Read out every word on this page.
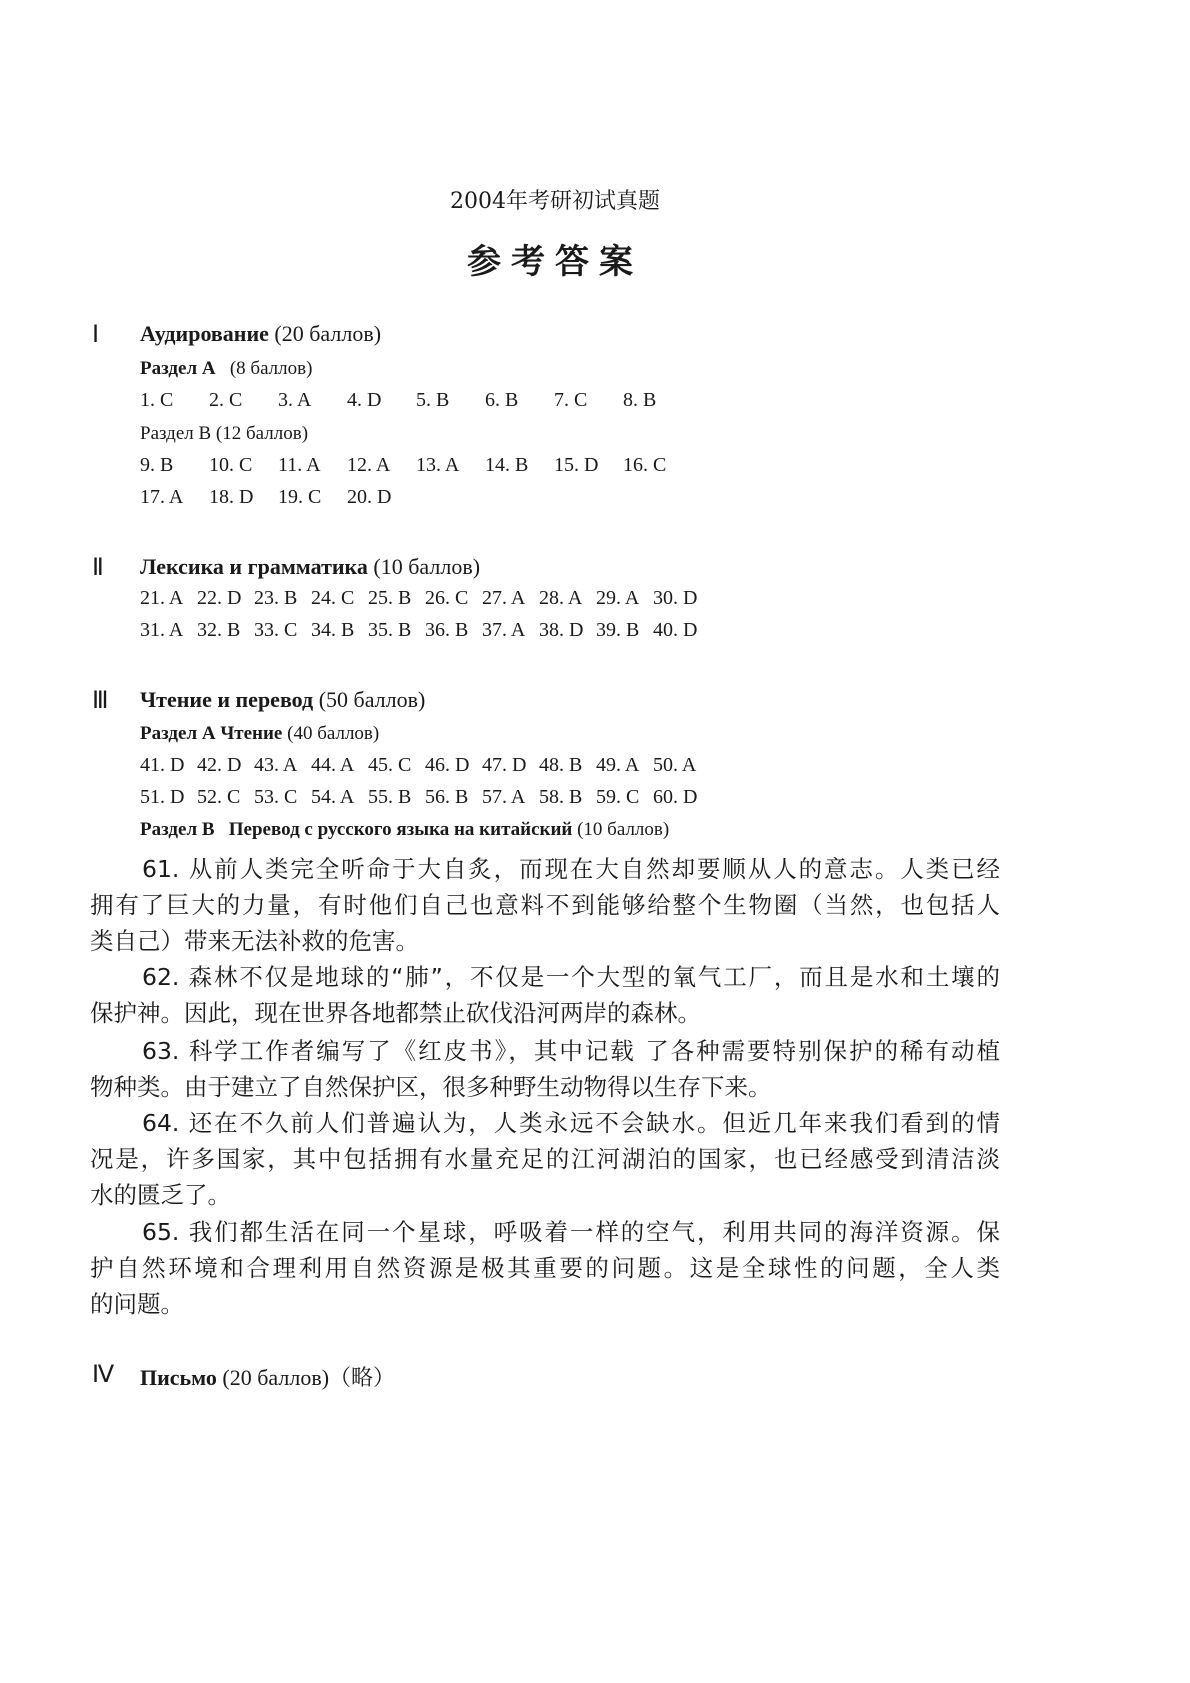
2004年考研初试真题
参考答案
Ⅰ Аудирование (20 баллов)
Раздел А (8 баллов)
1. C 2. C 3. A 4. D 5. B 6. B 7. C 8. B
Раздел В (12 баллов)
9. B 10. C 11. A 12. A 13. A 14. B 15. D 16. C
17. A 18. D 19. C 20. D
Ⅱ Лексика и грамматика (10 баллов)
21. A 22. D 23. B 24. C 25. B 26. C 27. A 28. A 29. A 30. D
31. A 32. B 33. C 34. B 35. B 36. B 37. A 38. D 39. B 40. D
Ⅲ Чтение и перевод (50 баллов)
Раздел А Чтение (40 баллов)
41. D 42. D 43. A 44. A 45. C 46. D 47. D 48. B 49. A 50. A
51. D 52. C 53. C 54. A 55. B 56. B 57. A 58. B 59. C 60. D
Раздел В   Перевод с русского языка на китайский (10 баллов)
61. 从前人类完全听命于大自炙，而现在大自然却要顺从人的意志。人类已经
拥有了巨大的力量，有时他们自己也意料不到能够给整个生物圈（当然，也包括人
类自己）带来无法补救的危害。
62. 森林不仅是地球的“肺”，不仅是一个大型的氧气工厂，而且是水和土壤的
保护神。因此，现在世界各地都禁止砍伐沿河两岸的森林。
63. 科学工作者编写了《红皮书》，其中记载 了各种需要特别保护的稀有动植
物种类。由于建立了自然保护区，很多种野生动物得以生存下来。
64. 还在不久前人们普遍认为，人类永远不会缺水。但近几年来我们看到的情
况是，许多国家，其中包括拥有水量充足的江河湖泊的国家，也已经感受到清洁淡
水的匮乏了。
65. 我们都生活在同一个星球，呼吸着一样的空气，利用共同的海洋资源。保
护自然环境和合理利用自然资源是极其重要的问题。这是全球性的问题，全人类
的问题。
Ⅳ Письмо (20 баллов)（略）
